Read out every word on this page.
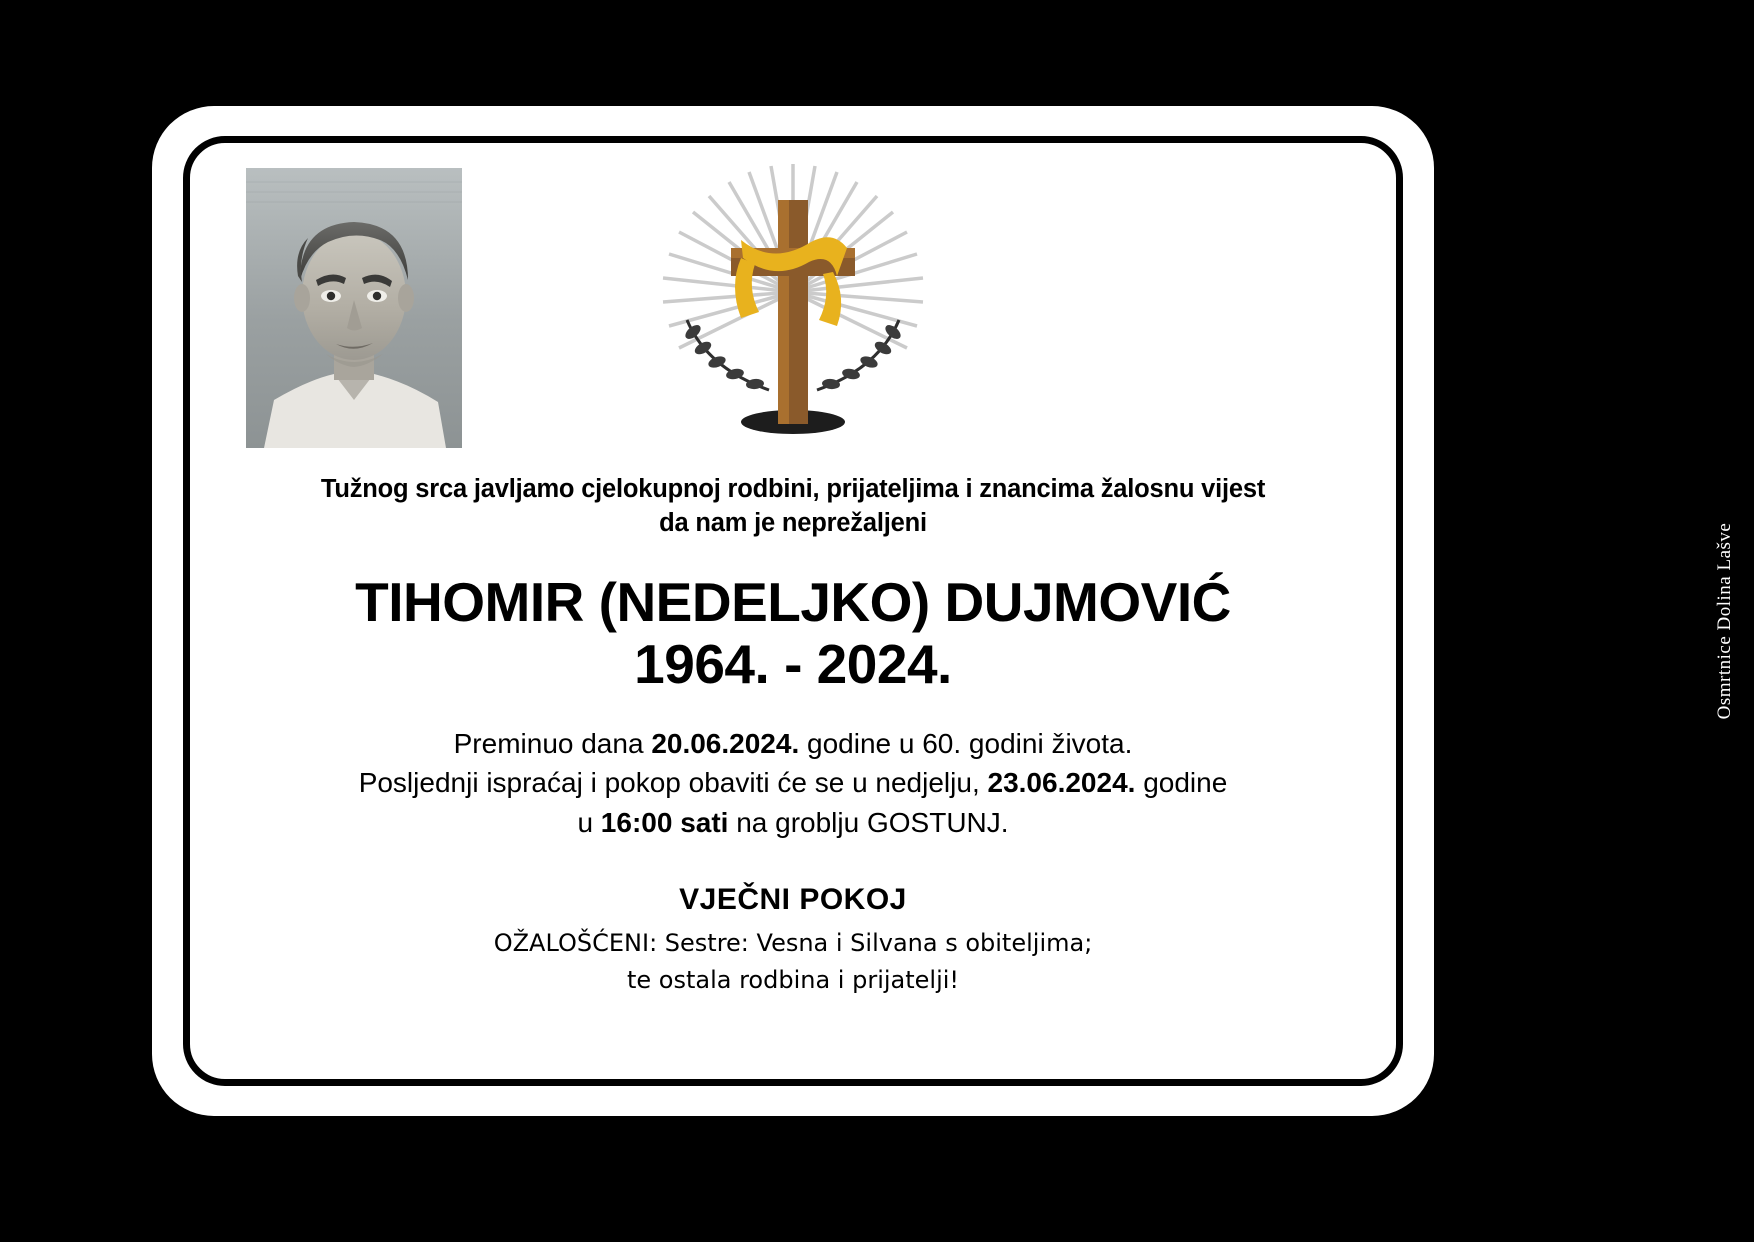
Tužnog srca javljamo cjelokupnoj rodbini, prijateljima i znancima žalosnu vijest
da nam je neprežaljeni
TIHOMIR (NEDELJKO) DUJMOVIĆ
1964. - 2024.
Preminuo dana 20.06.2024. godine u 60. godini života.
Posljednji ispraćaj i pokop obaviti će se u nedjelju, 23.06.2024. godine
u 16:00 sati na groblju GOSTUNJ.
VJEČNI POKOJ
OŽALOŠĆENI: Sestre: Vesna i Silvana s obiteljima;
te ostala rodbina i prijatelji!
Osmrtnice Dolina Lašve
